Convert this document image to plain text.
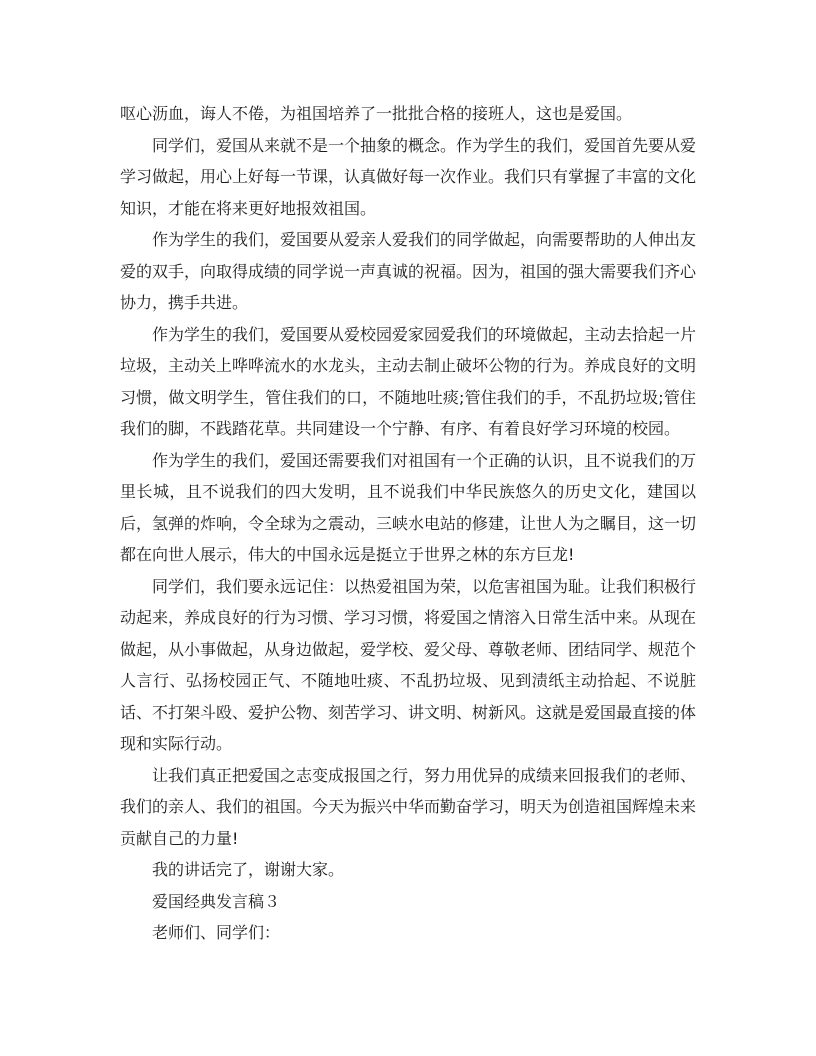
呕心沥血，诲人不倦，为祖国培养了一批批合格的接班人，这也是爱国。

同学们，爱国从来就不是一个抽象的概念。作为学生的我们，爱国首先要从爱学习做起，用心上好每一节课，认真做好每一次作业。我们只有掌握了丰富的文化知识，才能在将来更好地报效祖国。

作为学生的我们，爱国要从爱亲人爱我们的同学做起，向需要帮助的人伸出友爱的双手，向取得成绩的同学说一声真诚的祝福。因为，祖国的强大需要我们齐心协力，携手共进。

作为学生的我们，爱国要从爱校园爱家园爱我们的环境做起，主动去拾起一片垃圾，主动关上哗哗流水的水龙头，主动去制止破坏公物的行为。养成良好的文明习惯，做文明学生，管住我们的口，不随地吐痰;管住我们的手，不乱扔垃圾;管住我们的脚，不践踏花草。共同建设一个宁静、有序、有着良好学习环境的校园。

作为学生的我们，爱国还需要我们对祖国有一个正确的认识，且不说我们的万里长城，且不说我们的四大发明，且不说我们中华民族悠久的历史文化，建国以后，氢弹的炸响，令全球为之震动，三峡水电站的修建，让世人为之瞩目，这一切都在向世人展示，伟大的中国永远是挺立于世界之林的东方巨龙!

同学们，我们要永远记住：以热爱祖国为荣，以危害祖国为耻。让我们积极行动起来，养成良好的行为习惯、学习习惯，将爱国之情溶入日常生活中来。从现在做起，从小事做起，从身边做起，爱学校、爱父母、尊敬老师、团结同学、规范个人言行、弘扬校园正气、不随地吐痰、不乱扔垃圾、见到渍纸主动拾起、不说脏话、不打架斗殴、爱护公物、刻苦学习、讲文明、树新风。这就是爱国最直接的体现和实际行动。

让我们真正把爱国之志变成报国之行，努力用优异的成绩来回报我们的老师、我们的亲人、我们的祖国。今天为振兴中华而勤奋学习，明天为创造祖国辉煌未来贡献自己的力量!

我的讲话完了，谢谢大家。

爱国经典发言稿３

老师们、同学们：
